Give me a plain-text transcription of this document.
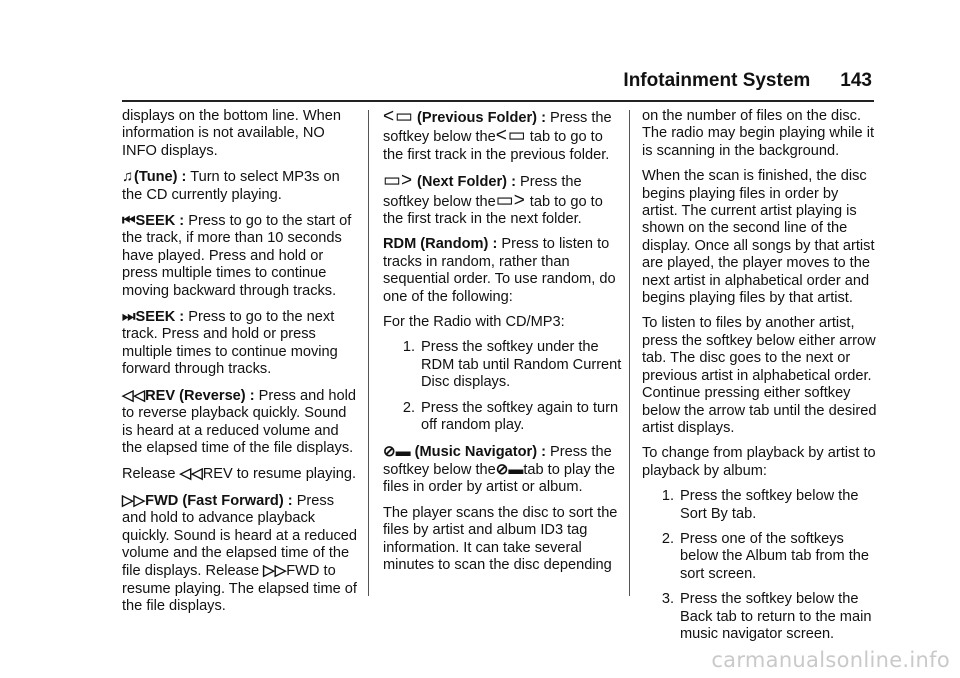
Infotainment System 143

displays on the bottom line. When information is not available, NO INFO displays.

♫(Tune) : Turn to select MP3s on the CD currently playing.

⏮SEEK : Press to go to the start of the track, if more than 10 seconds have played. Press and hold or press multiple times to continue moving backward through tracks.

⏭SEEK : Press to go to the next track. Press and hold or press multiple times to continue moving forward through tracks.

◁◁REV (Reverse) : Press and hold to reverse playback quickly. Sound is heard at a reduced volume and the elapsed time of the file displays.

Release ◁◁REV to resume playing.

▷▷FWD (Fast Forward) : Press and hold to advance playback quickly. Sound is heard at a reduced volume and the elapsed time of the file displays. Release ▷▷FWD to resume playing. The elapsed time of the file displays.

<▭ (Previous Folder) : Press the softkey below the<▭ tab to go to the first track in the previous folder.

▭> (Next Folder) : Press the softkey below the▭> tab to go to the first track in the next folder.

RDM (Random) : Press to listen to tracks in random, rather than sequential order. To use random, do one of the following:

For the Radio with CD/MP3:

1. Press the softkey under the RDM tab until Random Current Disc displays.
2. Press the softkey again to turn off random play.

⊘▬ (Music Navigator) : Press the softkey below the⊘▬tab to play the files in order by artist or album.

The player scans the disc to sort the files by artist and album ID3 tag information. It can take several minutes to scan the disc depending

on the number of files on the disc. The radio may begin playing while it is scanning in the background.

When the scan is finished, the disc begins playing files in order by artist. The current artist playing is shown on the second line of the display. Once all songs by that artist are played, the player moves to the next artist in alphabetical order and begins playing files by that artist.

To listen to files by another artist, press the softkey below either arrow tab. The disc goes to the next or previous artist in alphabetical order. Continue pressing either softkey below the arrow tab until the desired artist displays.

To change from playback by artist to playback by album:

1. Press the softkey below the Sort By tab.
2. Press one of the softkeys below the Album tab from the sort screen.
3. Press the softkey below the Back tab to return to the main music navigator screen.
carmanualsonline.info
